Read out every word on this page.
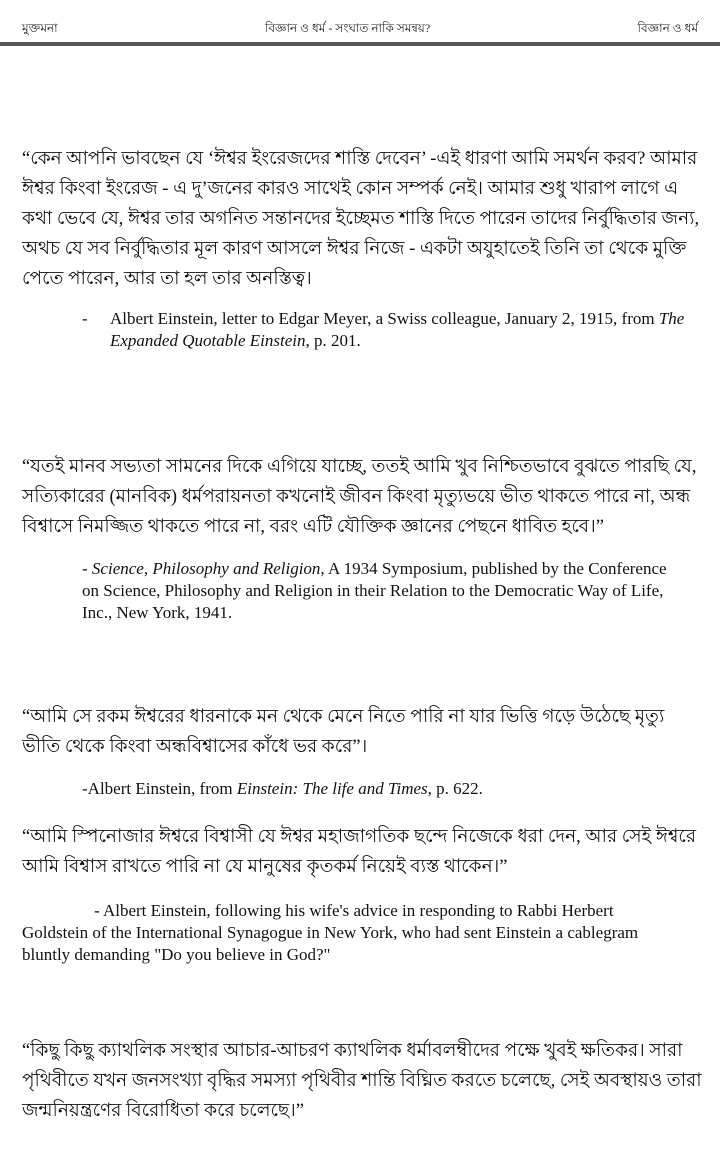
মুক্তমনা	বিজ্ঞান ও ধর্ম - সংঘাত নাকি সমন্বয়?	বিজ্ঞান ও ধর্ম
“কেন আপনি ভাবছেন যে ‘ঈশ্বর ইংরেজদের শাস্তি দেবেন’ -এই ধারণা আমি সমর্থন করব? আমার ঈশ্বর কিংবা ইংরেজ - এ দু’জনের কারও সাথেই কোন সম্পর্ক নেই। আমার শুধু খারাপ লাগে এ কথা ভেবে যে, ঈশ্বর তার অগনিত সন্তানদের ইচ্ছেমত শাস্তি দিতে পারেন তাদের নির্বুদ্ধিতার জন্য, অথচ যে সব নির্বুদ্ধিতার মূল কারণ আসলে ঈশ্বর নিজে - একটা অযুহাতেই তিনি তা থেকে মুক্তি পেতে পারেন, আর তা হল তার অনস্তিত্ব।
- Albert Einstein, letter to Edgar Meyer, a Swiss colleague, January 2, 1915, from The Expanded Quotable Einstein, p. 201.
“যতই মানব সভ্যতা সামনের দিকে এগিয়ে যাচ্ছে, ততই আমি খুব নিশ্চিতভাবে বুঝতে পারছি যে, সত্যিকারের (মানবিক) ধর্মপরায়নতা কখনোই জীবন কিংবা মৃত্যুভয়ে ভীত থাকতে পারে না, অন্ধ বিশ্বাসে নিমজ্জিত থাকতে পারে না, বরং এটি যৌক্তিক জ্ঞানের পেছনে ধাবিত হবে।”
- Science, Philosophy and Religion, A 1934 Symposium, published by the Conference on Science, Philosophy and Religion in their Relation to the Democratic Way of Life, Inc., New York, 1941.
“আমি সে রকম ঈশ্বরের ধারনাকে মন থেকে মেনে নিতে পারি না যার ভিত্তি গড়ে উঠেছে মৃত্যু ভীতি থেকে কিংবা অন্ধবিশ্বাসের কাঁধে ভর করে”।
-Albert Einstein, from Einstein: The life and Times, p. 622.
“আমি স্পিনোজার ঈশ্বরে বিশ্বাসী যে ঈশ্বর মহাজাগতিক ছন্দে নিজেকে ধরা দেন, আর সেই ঈশ্বরে আমি বিশ্বাস রাখতে পারি না যে মানুষের কৃতকর্ম নিয়েই ব্যস্ত থাকেন।”
- Albert Einstein, following his wife's advice in responding to Rabbi Herbert Goldstein of the International Synagogue in New York, who had sent Einstein a cablegram bluntly demanding "Do you believe in God?"
“কিছু কিছু ক্যাথলিক সংস্থার আচার-আচরণ ক্যাথলিক ধর্মাবলম্বীদের পক্ষে খুবই ক্ষতিকর। সারা পৃথিবীতে যখন জনসংখ্যা বৃদ্ধির সমস্যা পৃথিবীর শান্তি বিঘ্নিত করতে চলেছে, সেই অবস্থায়ও তারা জন্মনিয়ন্ত্রণের বিরোধিতা করে চলেছে।”
